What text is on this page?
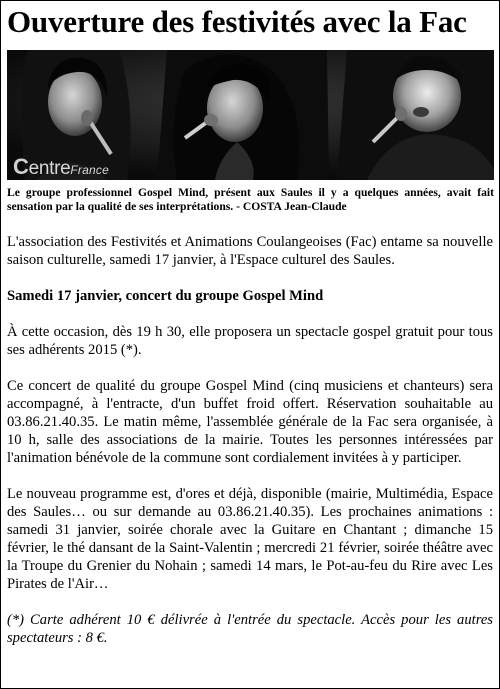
Ouverture des festivités avec la Fac
CentreFrance
Le groupe professionnel Gospel Mind, présent aux Saules il y a quelques années, avait fait sensation par la qualité de ses interprétations. - COSTA Jean-Claude

L'association des Festivités et Animations Coulangeoises (Fac) entame sa nouvelle saison culturelle, samedi 17 janvier, à l'Espace culturel des Saules.

Samedi 17 janvier, concert du groupe Gospel Mind

À cette occasion, dès 19 h 30, elle proposera un spectacle gospel gratuit pour tous ses adhérents 2015 (*).

Ce concert de qualité du groupe Gospel Mind (cinq musiciens et chanteurs) sera accompagné, à l'entracte, d'un buffet froid offert. Réservation souhaitable au 03.86.21.40.35. Le matin même, l'assemblée générale de la Fac sera organisée, à 10 h, salle des associations de la mairie. Toutes les personnes intéressées par l'animation bénévole de la commune sont cordialement invitées à y participer.

Le nouveau programme est, d'ores et déjà, disponible (mairie, Multimédia, Espace des Saules… ou sur demande au 03.86.21.40.35). Les prochaines animations : samedi 31 janvier, soirée chorale avec la Guitare en Chantant ; dimanche 15 février, le thé dansant de la Saint-Valentin ; mercredi 21 février, soirée théâtre avec la Troupe du Grenier du Nohain ; samedi 14 mars, le Pot-au-feu du Rire avec Les Pirates de l'Air…

(*) Carte adhérent 10 € délivrée à l'entrée du spectacle. Accès pour les autres spectateurs : 8 €.
